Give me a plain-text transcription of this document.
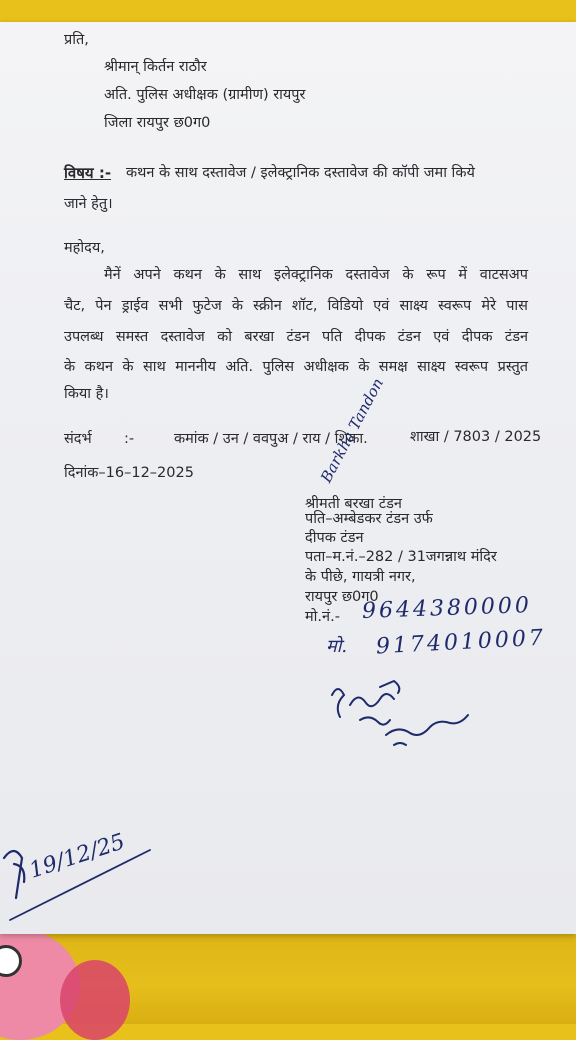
प्रति,
श्रीमान् किर्तन राठौर
अति. पुलिस अधीक्षक (ग्रामीण) रायपुर
जिला रायपुर छ0ग0
विषय :- कथन के साथ दस्तावेज / इलेक्ट्रानिक दस्तावेज की कॉपी जमा किये
जाने हेतु।
महोदय,
मैनें अपने कथन के साथ इलेक्ट्रानिक दस्तावेज के रूप में वाटसअप
चैट, पेन ड्राईव सभी फुटेज के स्क्रीन शॉट, विडियो एवं साक्ष्य स्वरूप मेरे पास
उपलब्ध समस्त दस्तावेज को बरखा टंडन पति दीपक टंडन एवं दीपक टंडन
के कथन के साथ माननीय अति. पुलिस अधीक्षक के समक्ष साक्ष्य स्वरूप प्रस्तुत
किया है।
संदर्भ :-	कमांक / उन / ववपुअ / राय / शिका.	शाखा / 7803 / 2025
दिनांक–16–12–2025
श्रीमती बरखा टंडन
पति–अम्बेडकर टंडन उर्फ
दीपक टंडन
पता–म.नं.–282 / 31जगन्नाथ मंदिर
के पीछे, गायत्री नगर,
रायपुर छ0ग0
मो.नं.- 9644380000
मो. 9174010007
Barkha Tandon
19/12/25
